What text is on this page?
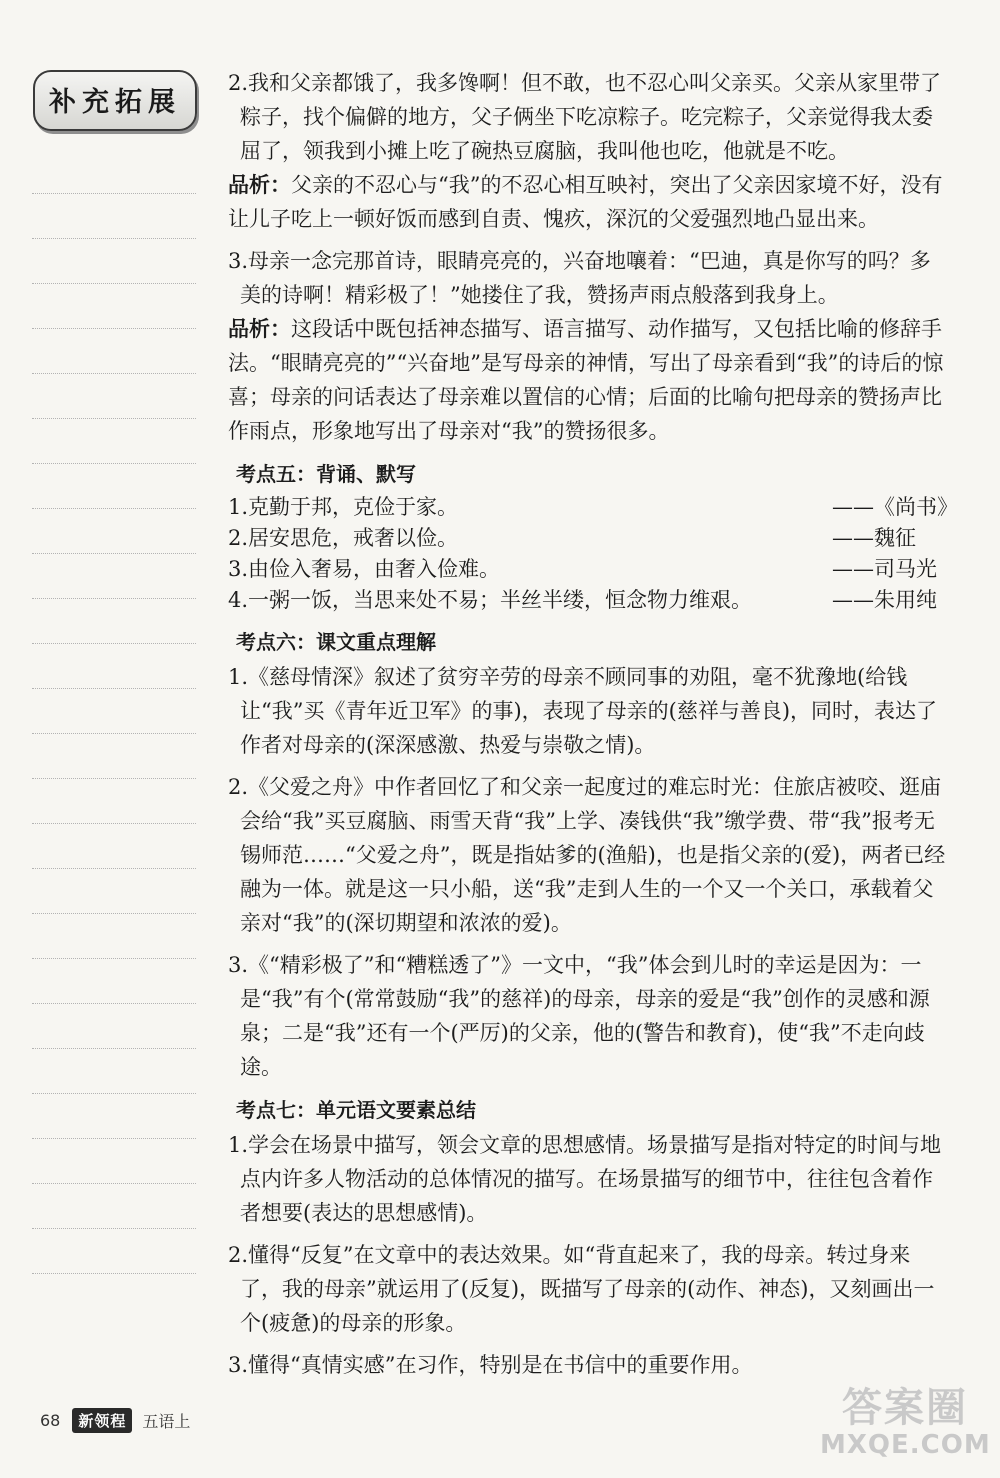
补充拓展
2.我和父亲都饿了，我多馋啊！但不敢，也不忍心叫父亲买。父亲从家里带了粽子，找个偏僻的地方，父子俩坐下吃凉粽子。吃完粽子，父亲觉得我太委屈了，领我到小摊上吃了碗热豆腐脑，我叫他也吃，他就是不吃。
品析：父亲的不忍心与“我”的不忍心相互映衬，突出了父亲因家境不好，没有让儿子吃上一顿好饭而感到自责、愧疚，深沉的父爱强烈地凸显出来。
3.母亲一念完那首诗，眼睛亮亮的，兴奋地嚷着：“巴迪，真是你写的吗？多美的诗啊！精彩极了！”她搂住了我，赞扬声雨点般落到我身上。
品析：这段话中既包括神态描写、语言描写、动作描写，又包括比喻的修辞手法。“眼睛亮亮的”“兴奋地”是写母亲的神情，写出了母亲看到“我”的诗后的惊喜；母亲的问话表达了母亲难以置信的心情；后面的比喻句把母亲的赞扬声比作雨点，形象地写出了母亲对“我”的赞扬很多。
考点五：背诵、默写
1.克勤于邦，克俭于家。	——《尚书》
2.居安思危，戒奢以俭。	——魏征
3.由俭入奢易，由奢入俭难。	——司马光
4.一粥一饭，当思来处不易；半丝半缕，恒念物力维艰。	——朱用纯
考点六：课文重点理解
1.《慈母情深》叙述了贫穷辛劳的母亲不顾同事的劝阻，毫不犹豫地(给钱让“我”买《青年近卫军》的事)，表现了母亲的(慈祥与善良)，同时，表达了作者对母亲的(深深感激、热爱与崇敬之情)。
2.《父爱之舟》中作者回忆了和父亲一起度过的难忘时光：住旅店被咬、逛庙会给“我”买豆腐脑、雨雪天背“我”上学、凑钱供“我”缴学费、带“我”报考无锡师范……“父爱之舟”，既是指姑爹的(渔船)，也是指父亲的(爱)，两者已经融为一体。就是这一只小船，送“我”走到人生的一个又一个关口，承载着父亲对“我”的(深切期望和浓浓的爱)。
3.《“精彩极了”和“糟糕透了”》一文中，“我”体会到儿时的幸运是因为：一是“我”有个(常常鼓励“我”的慈祥)的母亲，母亲的爱是“我”创作的灵感和源泉；二是“我”还有一个(严厉)的父亲，他的(警告和教育)，使“我”不走向歧途。
考点七：单元语文要素总结
1.学会在场景中描写，领会文章的思想感情。场景描写是指对特定的时间与地点内许多人物活动的总体情况的描写。在场景描写的细节中，往往包含着作者想要(表达的思想感情)。
2.懂得“反复”在文章中的表达效果。如“背直起来了，我的母亲。转过身来了，我的母亲”就运用了(反复)，既描写了母亲的(动作、神态)，又刻画出一个(疲惫)的母亲的形象。
3.懂得“真情实感”在习作，特别是在书信中的重要作用。
68	新领程	五语上	答案圈
MXQE.COM
